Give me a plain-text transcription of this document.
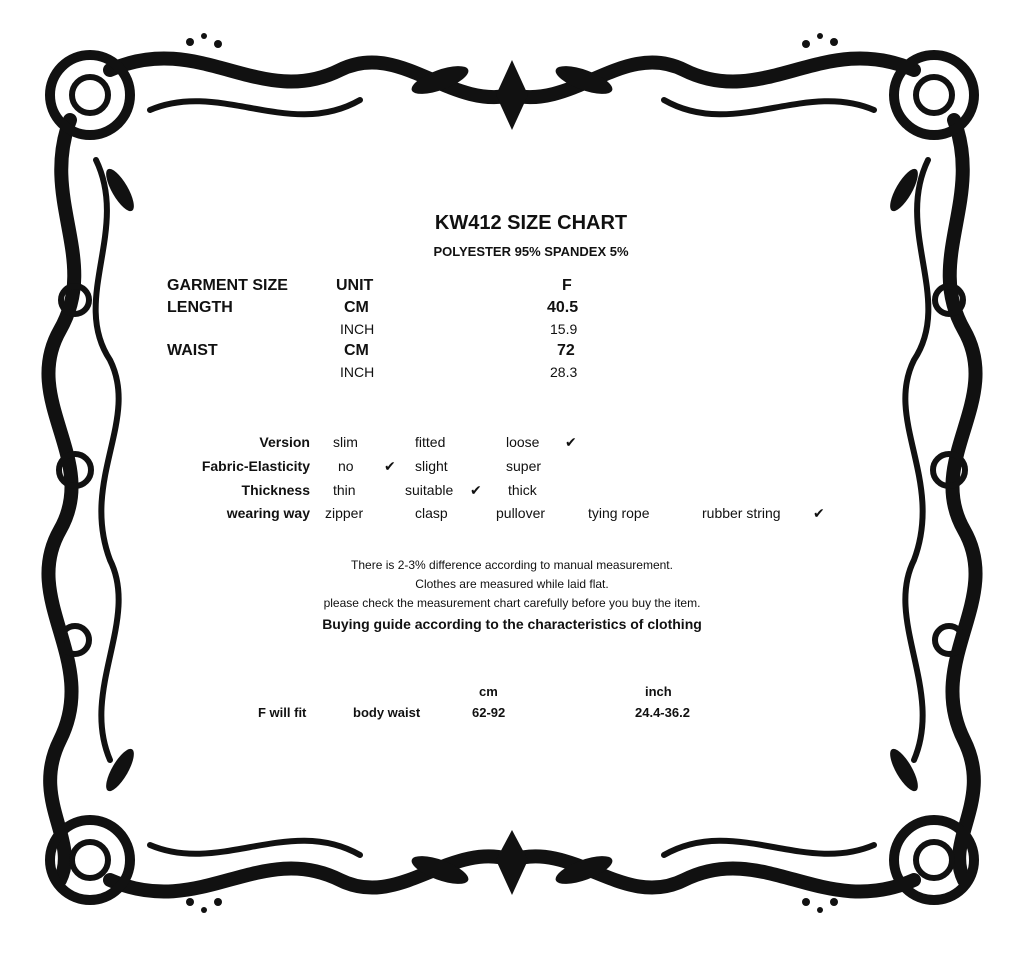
KW412 SIZE CHART
POLYESTER 95% SPANDEX 5%
GARMENT SIZE	UNIT	F
LENGTH	CM	40.5
INCH	15.9
WAIST	CM	72
INCH	28.3
Version slim	fitted	loose ✔
Fabric-Elasticity no ✔ slight	super
Thickness thin	suitable ✔ thick
wearing way zipper	clasp	pullover	tying rope	rubber string ✔
There is 2-3% difference according to manual measurement.
Clothes are measured while laid flat.
please check the measurement chart carefully before you buy the item.
Buying guide according to the characteristics of clothing
cm	inch
F will fit	body waist	62-92	24.4-36.2
